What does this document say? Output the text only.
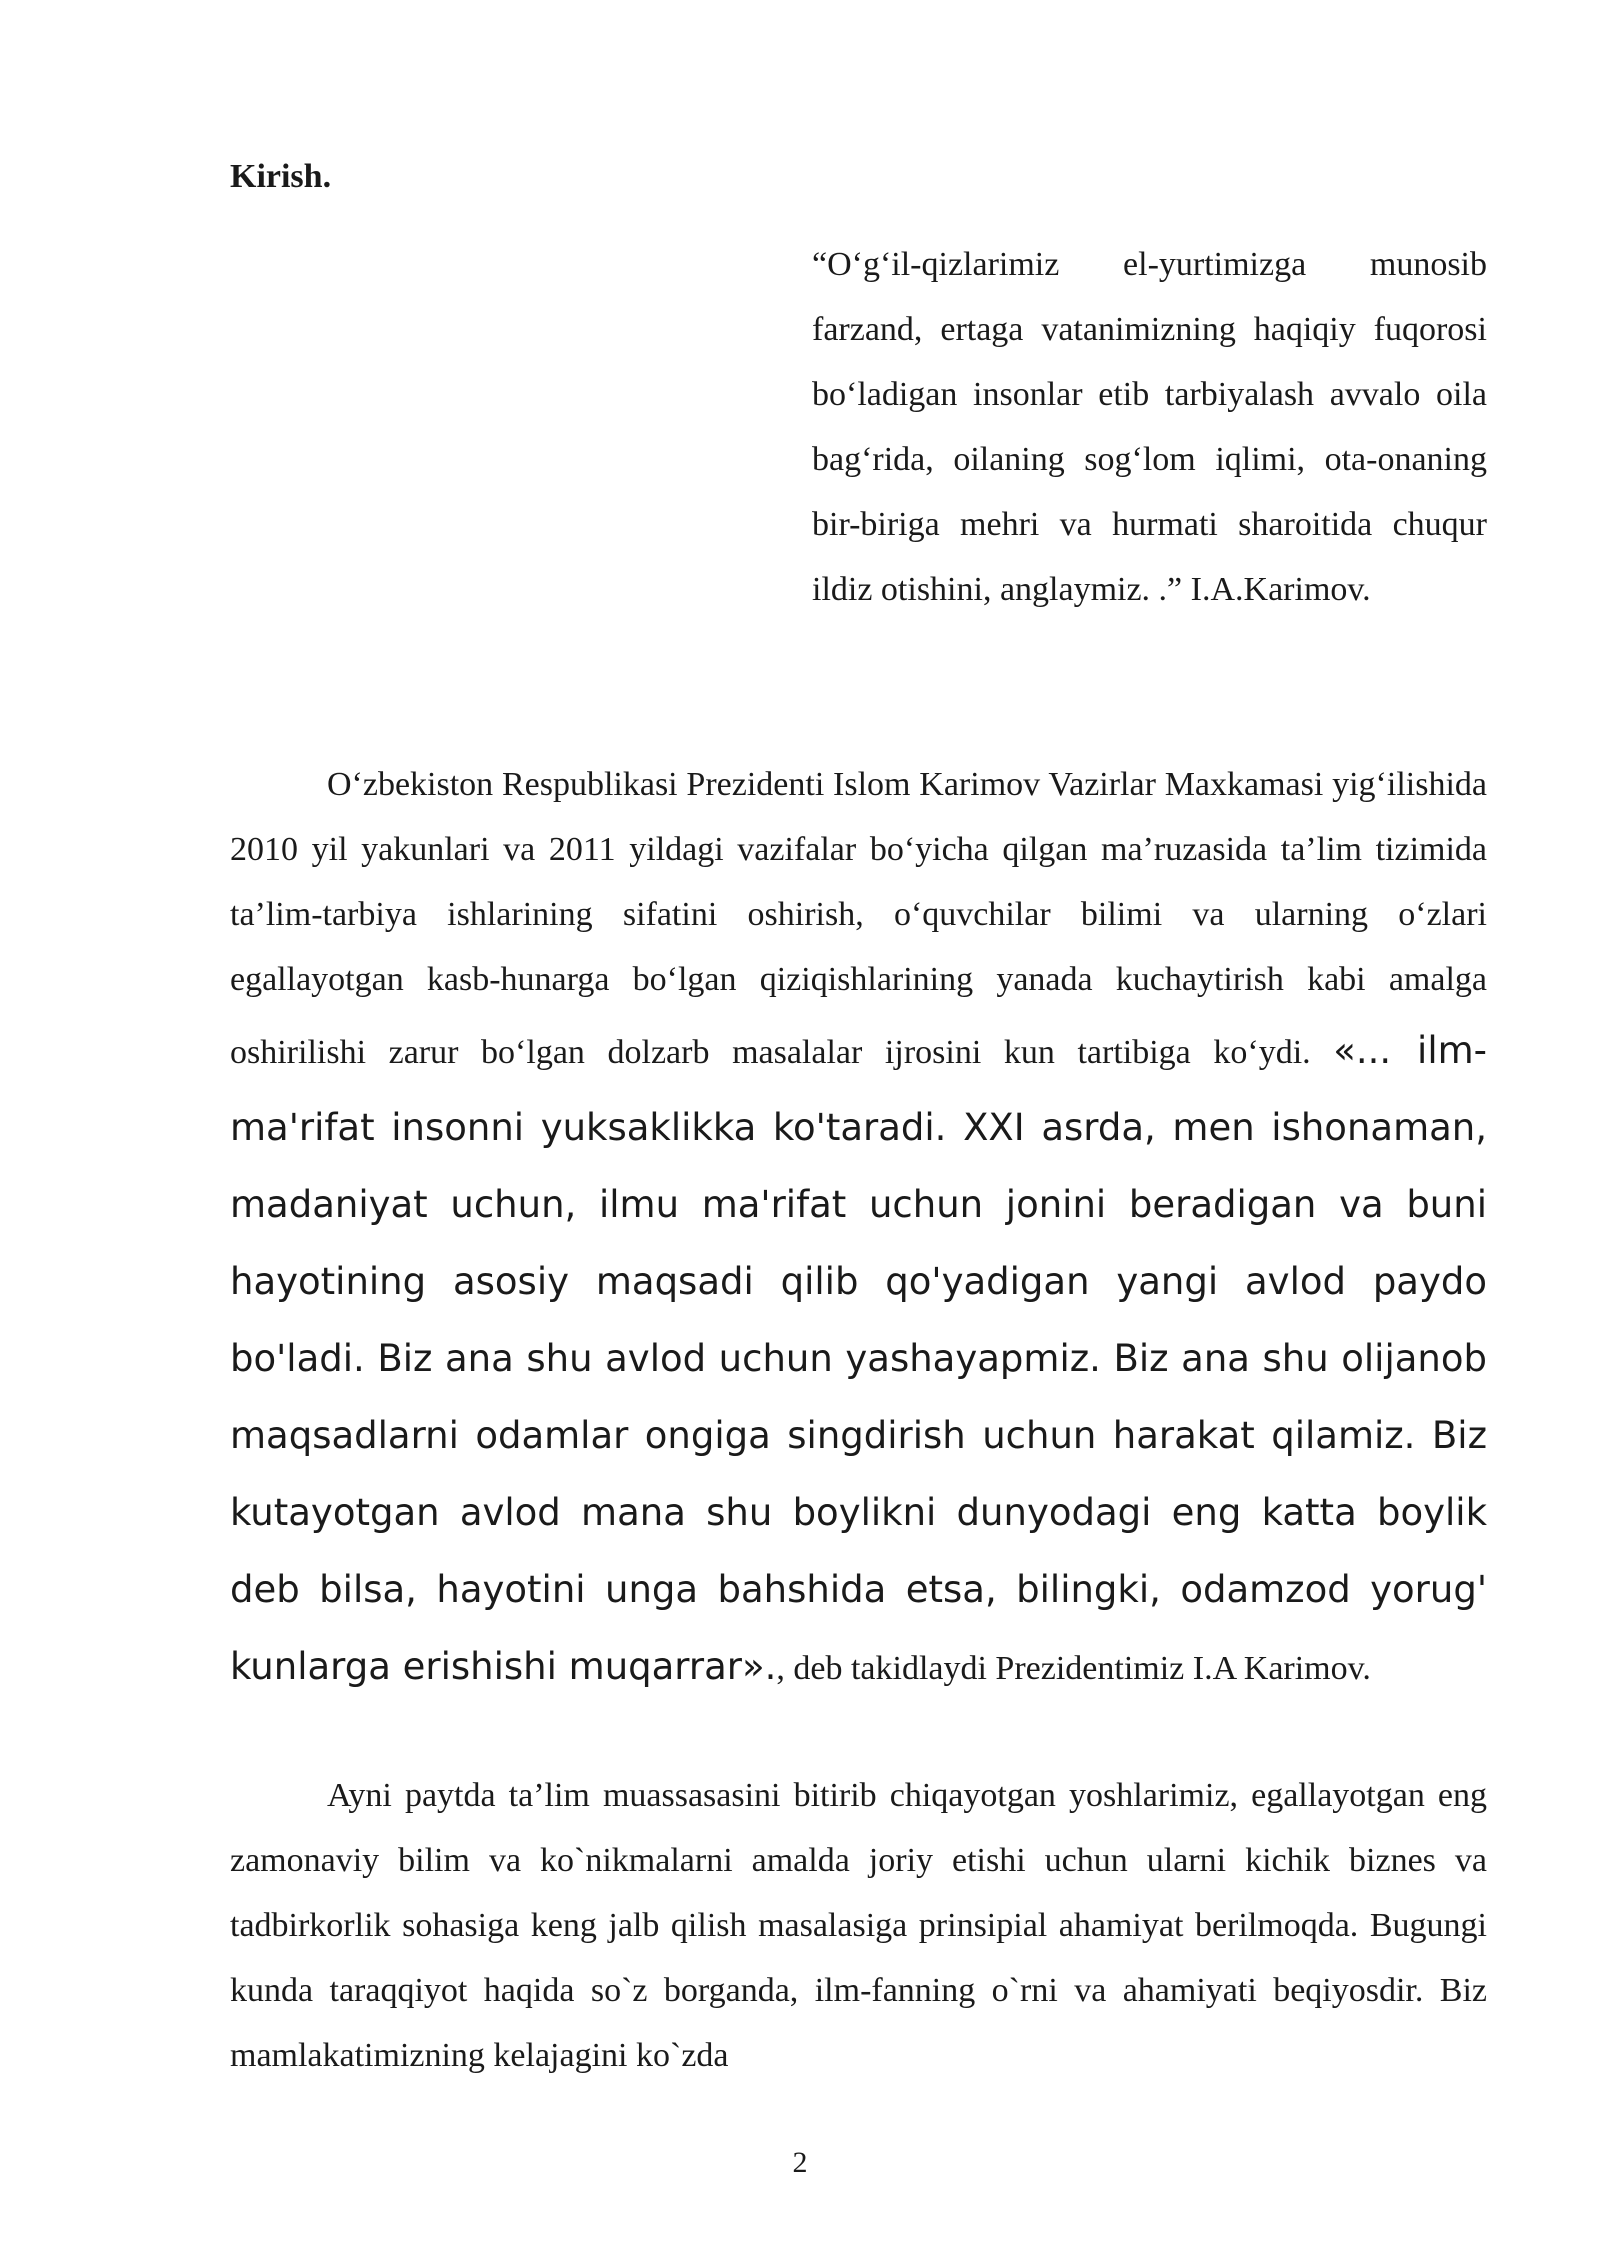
Kirish.

“O‘g‘il-qizlarimiz el-yurtimizga munosib farzand, ertaga vatanimizning haqiqiy fuqorosi bo‘ladigan insonlar etib tarbiyalash avvalo oila bag‘rida, oilaning sog‘lom iqlimi, ota-onaning bir-biriga mehri va hurmati sharoitida chuqur ildiz otishini, anglaymiz. .” I.A.Karimov.

O‘zbekiston Respublikasi Prezidenti Islom Karimov Vazirlar Maxkamasi yig‘ilishida 2010 yil yakunlari va 2011 yildagi vazifalar bo‘yicha qilgan ma’ruzasida ta’lim tizimida ta’lim-tarbiya ishlarining sifatini oshirish, o‘quvchilar bilimi va ularning o‘zlari egallayotgan kasb-hunarga bo‘lgan qiziqishlarining yanada kuchaytirish kabi amalga oshirilishi zarur bo‘lgan dolzarb masalalar ijrosini kun tartibiga ko‘ydi. «... ilm-ma'rifat insonni yuksaklikka ko'taradi. XXI asrda, men ishonaman, madaniyat uchun, ilmu ma'rifat uchun jonini beradigan va buni hayotining asosiy maqsadi qilib qo'yadigan yangi avlod paydo bo'ladi. Biz ana shu avlod uchun yashayapmiz. Biz ana shu olijanob maqsadlarni odamlar ongiga singdirish uchun harakat qilamiz. Biz kutayotgan avlod mana shu boylikni dunyodagi eng katta boylik deb bilsa, hayotini unga bahshida etsa, bilingki, odamzod yorug' kunlarga erishishi muqarrar»., deb takidlaydi Prezidentimiz I.A Karimov.

Ayni paytda ta’lim muassasasini bitirib chiqayotgan yoshlarimiz, egallayotgan eng zamonaviy bilim va ko`nikmalarni amalda joriy etishi uchun ularni kichik biznes va tadbirkorlik sohasiga keng jalb qilish masalasiga prinsipial ahamiyat berilmoqda. Bugungi kunda taraqqiyot haqida so`z borganda, ilm-fanning o`rni va ahamiyati beqiyosdir. Biz mamlakatimizning kelajagini ko`zda

2
